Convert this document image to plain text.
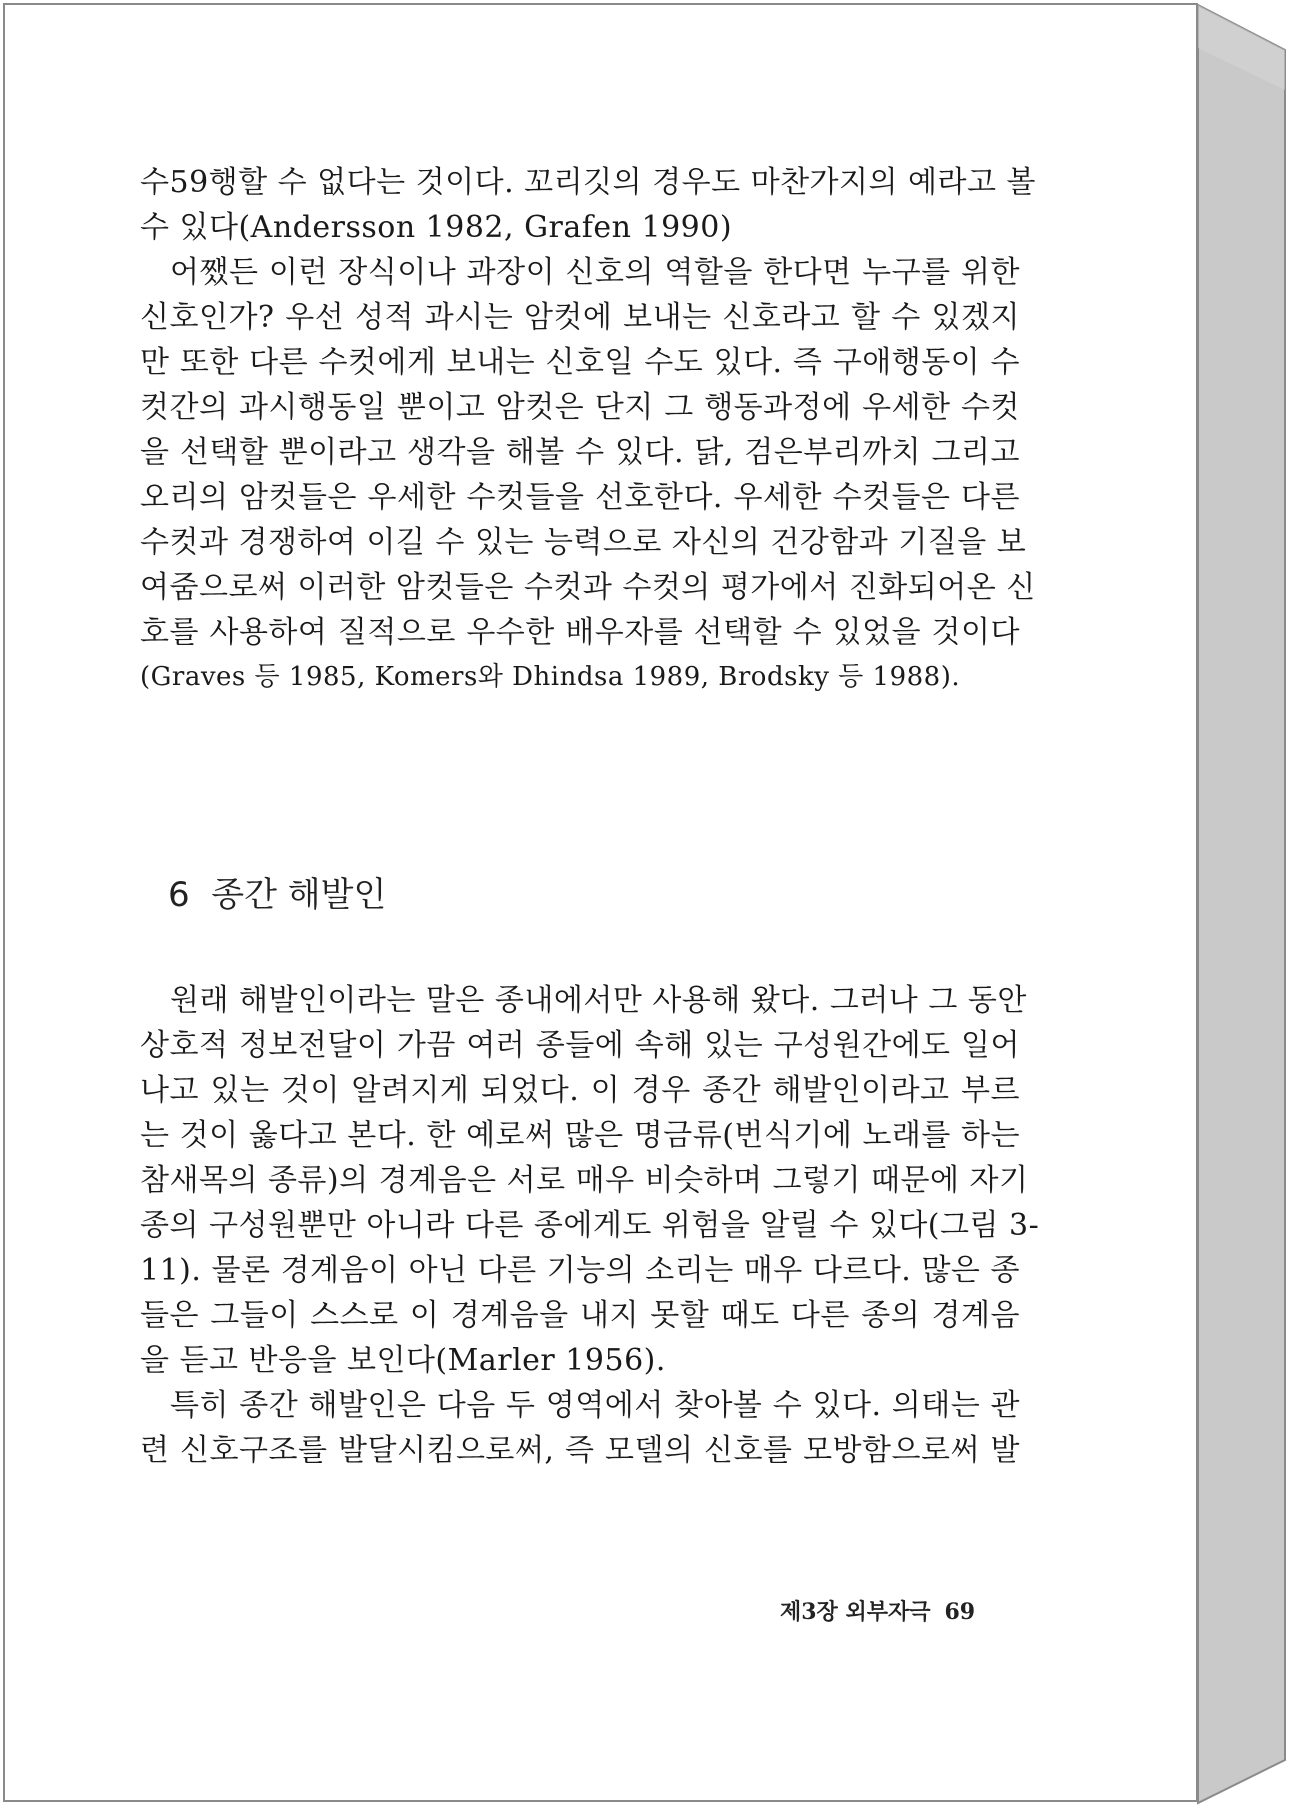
수59행할 수 없다는 것이다. 꼬리깃의 경우도 마찬가지의 예라고 볼
수 있다(Andersson 1982, Grafen 1990)
어쨌든 이런 장식이나 과장이 신호의 역할을 한다면 누구를 위한
신호인가? 우선 성적 과시는 암컷에 보내는 신호라고 할 수 있겠지
만 또한 다른 수컷에게 보내는 신호일 수도 있다. 즉 구애행동이 수
컷간의 과시행동일 뿐이고 암컷은 단지 그 행동과정에 우세한 수컷
을 선택할 뿐이라고 생각을 해볼 수 있다. 닭, 검은부리까치 그리고
오리의 암컷들은 우세한 수컷들을 선호한다. 우세한 수컷들은 다른
수컷과 경쟁하여 이길 수 있는 능력으로 자신의 건강함과 기질을 보
여줌으로써 이러한 암컷들은 수컷과 수컷의 평가에서 진화되어온 신
호를 사용하여 질적으로 우수한 배우자를 선택할 수 있었을 것이다
(Graves 등 1985, Komers와 Dhindsa 1989, Brodsky 등 1988).
6 종간 해발인
원래 해발인이라는 말은 종내에서만 사용해 왔다. 그러나 그 동안
상호적 정보전달이 가끔 여러 종들에 속해 있는 구성원간에도 일어
나고 있는 것이 알려지게 되었다. 이 경우 종간 해발인이라고 부르
는 것이 옳다고 본다. 한 예로써 많은 명금류(번식기에 노래를 하는
참새목의 종류)의 경계음은 서로 매우 비슷하며 그렇기 때문에 자기
종의 구성원뿐만 아니라 다른 종에게도 위험을 알릴 수 있다(그림 3-
11). 물론 경계음이 아닌 다른 기능의 소리는 매우 다르다. 많은 종
들은 그들이 스스로 이 경계음을 내지 못할 때도 다른 종의 경계음
을 듣고 반응을 보인다(Marler 1956).
특히 종간 해발인은 다음 두 영역에서 찾아볼 수 있다. 의태는 관
련 신호구조를 발달시킴으로써, 즉 모델의 신호를 모방함으로써 발
제3장 외부자극 69
